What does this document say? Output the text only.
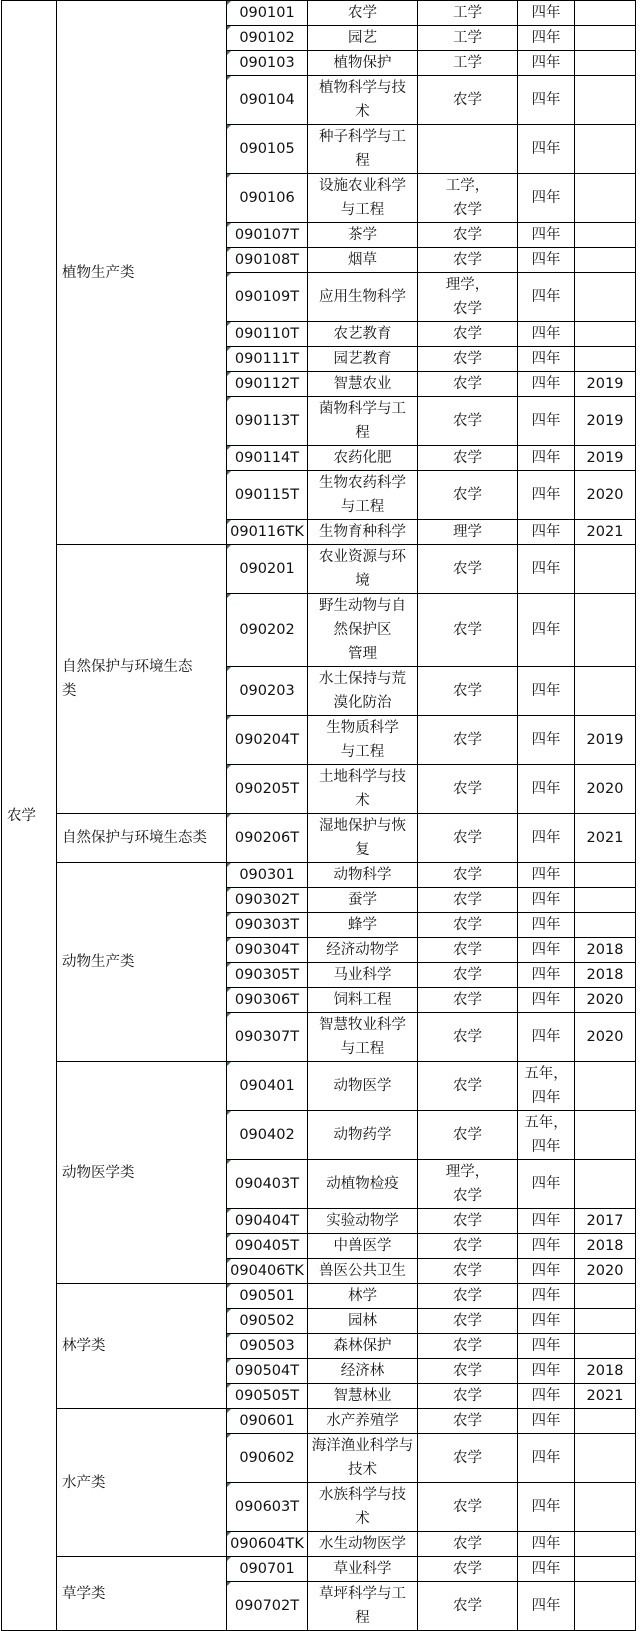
农学	植物生产类	090101	农学	工学	四年	
		090102	园艺	工学	四年	
		090103	植物保护	工学	四年	
		090104	植物科学与技
术	农学	四年	
		090105	种子科学与工
程		四年	
		090106	设施农业科学
与工程	工学，
农学	四年	
		090107T	茶学	农学	四年	
		090108T	烟草	农学	四年	
		090109T	应用生物科学	理学，
农学	四年	
		090110T	农艺教育	农学	四年	
		090111T	园艺教育	农学	四年	
		090112T	智慧农业	农学	四年	2019
		090113T	菌物科学与工
程	农学	四年	2019
		090114T	农药化肥	农学	四年	2019
		090115T	生物农药科学
与工程	农学	四年	2020
		090116TK	生物育种科学	理学	四年	2021
	自然保护与环境生态
类	090201	农业资源与环
境	农学	四年	
		090202	野生动物与自
然保护区
管理	农学	四年	
		090203	水土保持与荒
漠化防治	农学	四年	
		090204T	生物质科学
与工程	农学	四年	2019
		090205T	土地科学与技
术	农学	四年	2020
	自然保护与环境生态类	090206T	湿地保护与恢
复	农学	四年	2021
	动物生产类	090301	动物科学	农学	四年	
		090302T	蚕学	农学	四年	
		090303T	蜂学	农学	四年	
		090304T	经济动物学	农学	四年	2018
		090305T	马业科学	农学	四年	2018
		090306T	饲料工程	农学	四年	2020
		090307T	智慧牧业科学
与工程	农学	四年	2020
	动物医学类	090401	动物医学	农学	五年，
四年	
		090402	动物药学	农学	五年，
四年	
		090403T	动植物检疫	理学，
农学	四年	
		090404T	实验动物学	农学	四年	2017
		090405T	中兽医学	农学	四年	2018
		090406TK	兽医公共卫生	农学	四年	2020
	林学类	090501	林学	农学	四年	
		090502	园林	农学	四年	
		090503	森林保护	农学	四年	
		090504T	经济林	农学	四年	2018
		090505T	智慧林业	农学	四年	2021
	水产类	090601	水产养殖学	农学	四年	
		090602	海洋渔业科学与
技术	农学	四年	
		090603T	水族科学与技
术	农学	四年	
		090604TK	水生动物医学	农学	四年	
	草学类	090701	草业科学	农学	四年	
		090702T	草坪科学与工
程	农学	四年	
